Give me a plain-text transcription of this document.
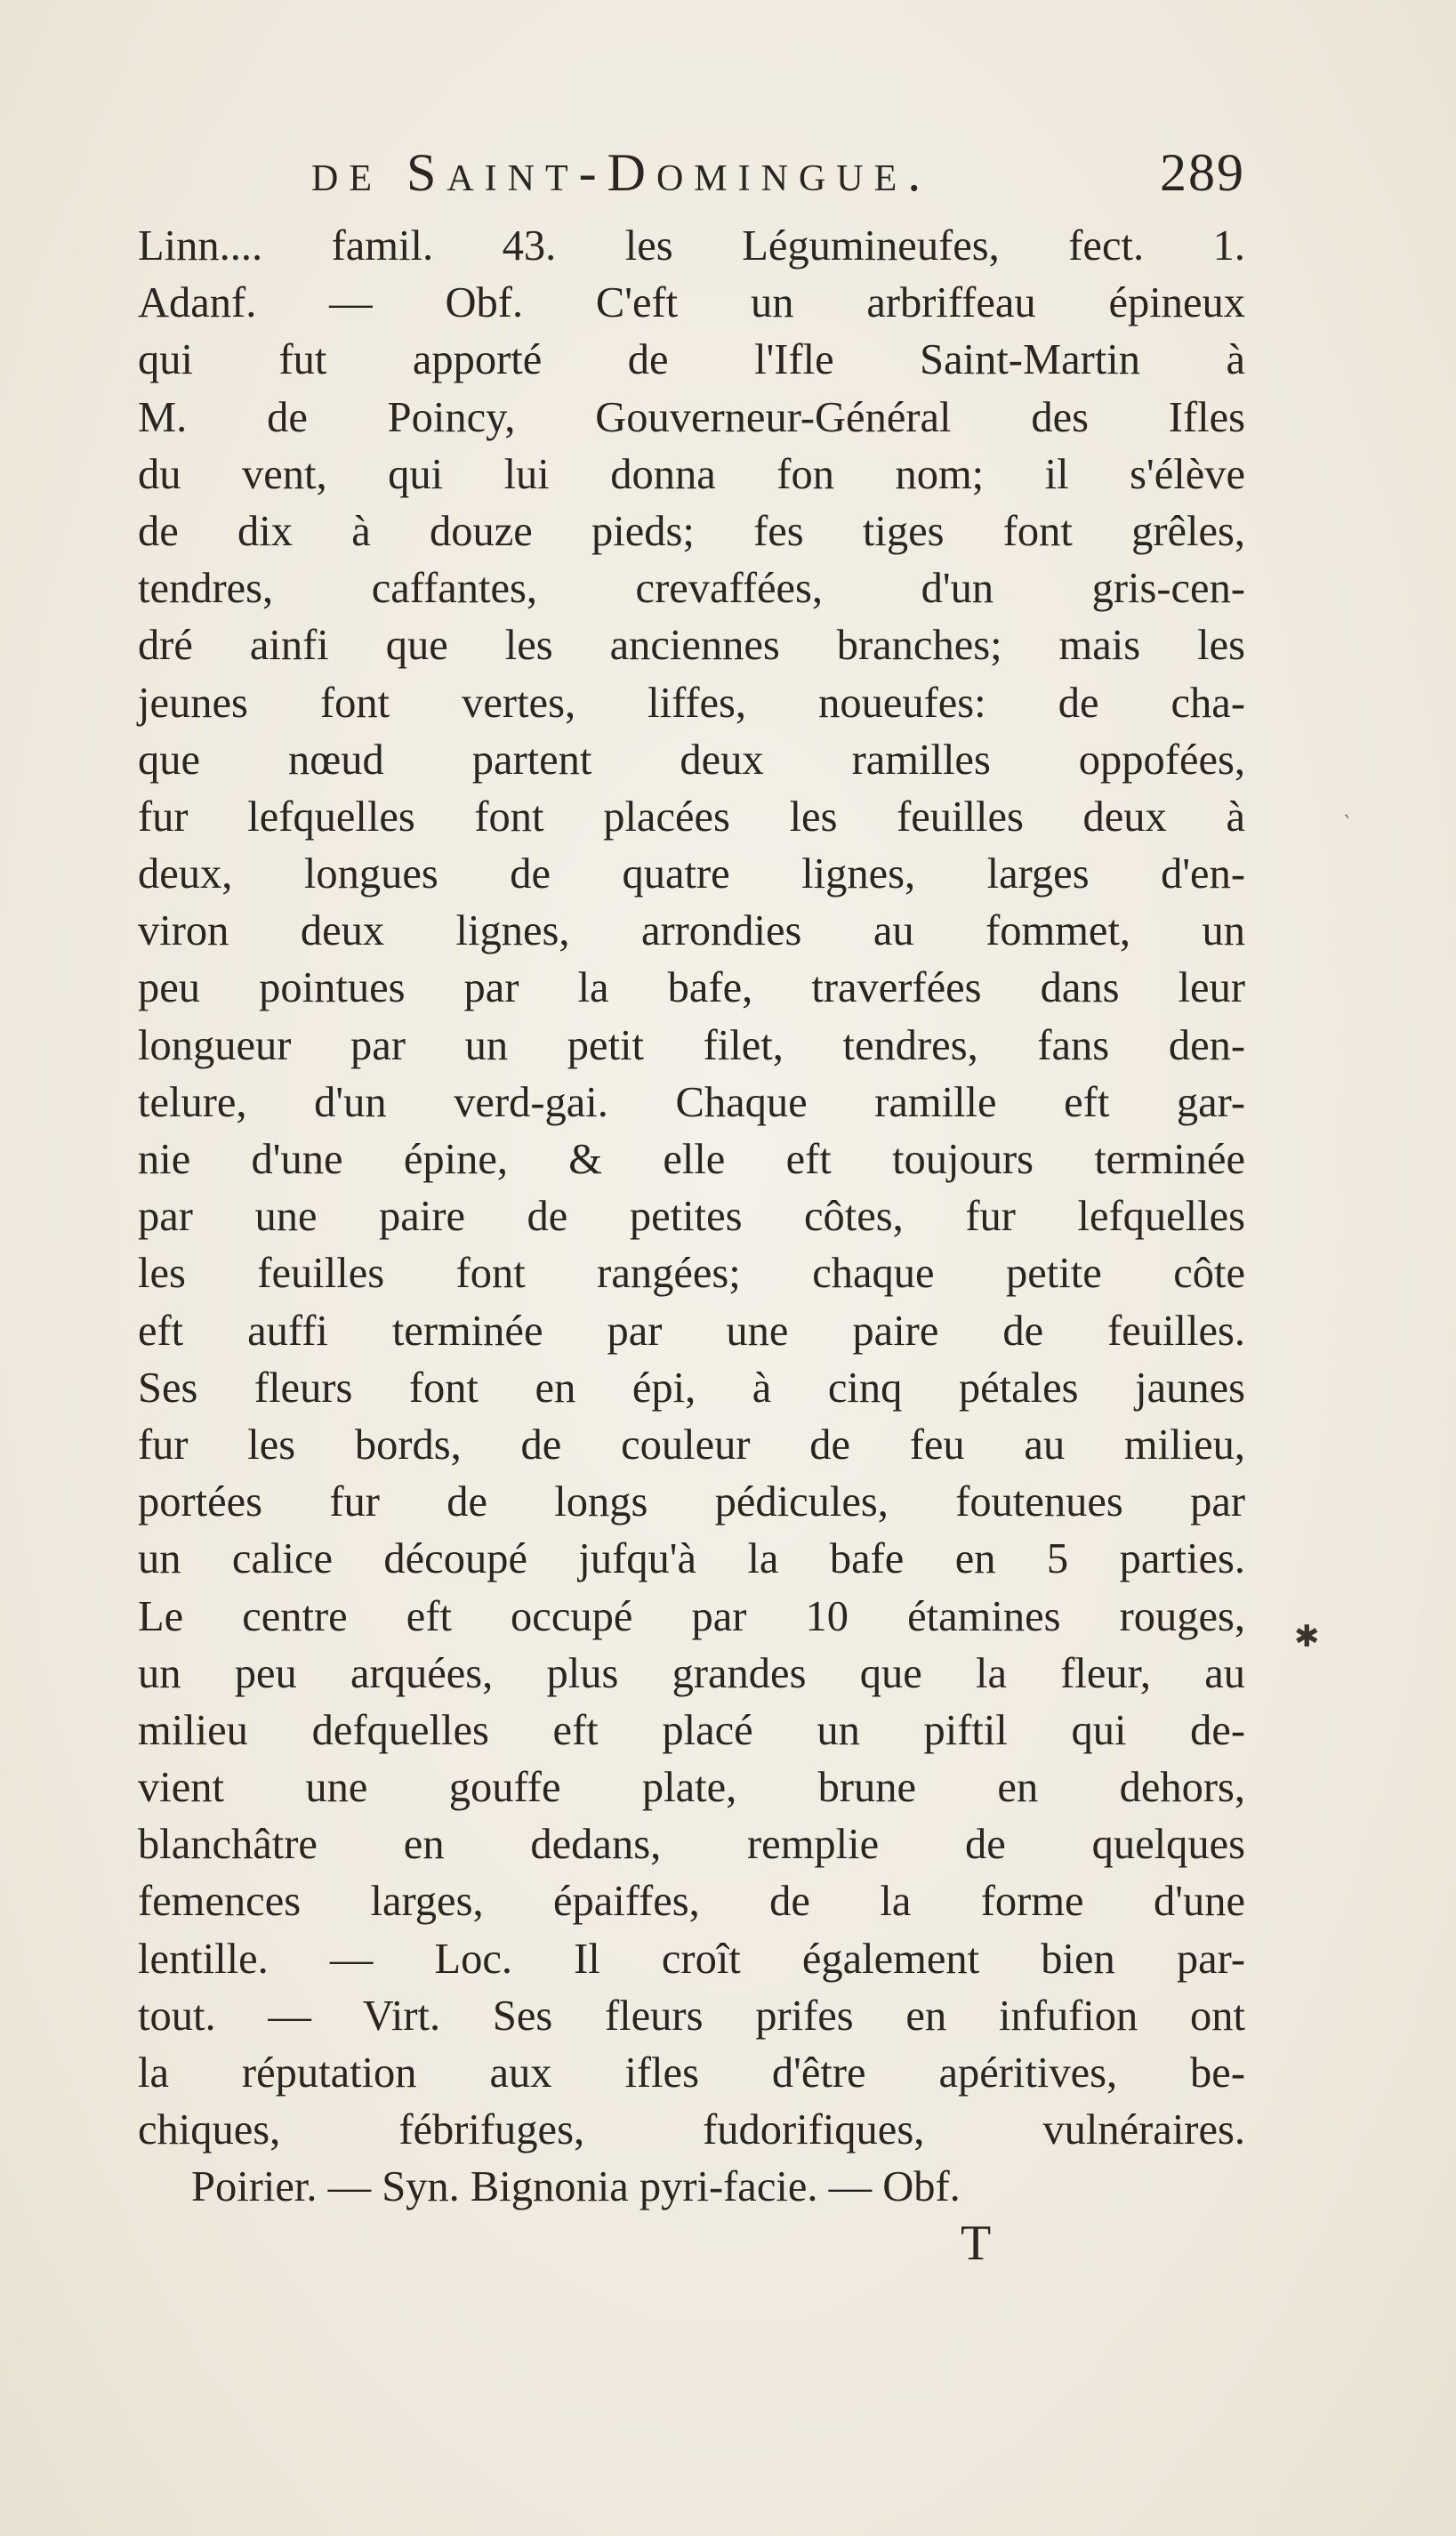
de Saint-Domingue.	289
Linn.... famil. 43. les Légumineufes, fect. 1.
Adanf. — Obf. C'eft un arbriffeau épineux
qui fut apporté de l'Ifle Saint-Martin à
M. de Poincy, Gouverneur-Général des Ifles
du vent, qui lui donna fon nom; il s'élève
de dix à douze pieds; fes tiges font grêles,
tendres, caffantes, crevaffées, d'un gris-cen-
dré ainfi que les anciennes branches; mais les
jeunes font vertes, liffes, noueufes: de cha-
que nœud partent deux ramilles oppofées,
fur lefquelles font placées les feuilles deux à
deux, longues de quatre lignes, larges d'en-
viron deux lignes, arrondies au fommet, un
peu pointues par la bafe, traverfées dans leur
longueur par un petit filet, tendres, fans den-
telure, d'un verd-gai. Chaque ramille eft gar-
nie d'une épine, & elle eft toujours terminée
par une paire de petites côtes, fur lefquelles
les feuilles font rangées; chaque petite côte
eft auffi terminée par une paire de feuilles.
Ses fleurs font en épi, à cinq pétales jaunes
fur les bords, de couleur de feu au milieu,
portées fur de longs pédicules, foutenues par
un calice découpé jufqu'à la bafe en 5 parties.
Le centre eft occupé par 10 étamines rouges,
un peu arquées, plus grandes que la fleur, au
milieu defquelles eft placé un piftil qui de-
vient une gouffe plate, brune en dehors,
blanchâtre en dedans, remplie de quelques
femences larges, épaiffes, de la forme d'une
lentille. — Loc. Il croît également bien par-
tout. — Virt. Ses fleurs prifes en infufion ont
la réputation aux ifles d'être apéritives, be-
chiques, fébrifuges, fudorifiques, vulnéraires.
Poirier. — Syn. Bignonia pyri-facie. — Obf.
ˋ
✱
T
